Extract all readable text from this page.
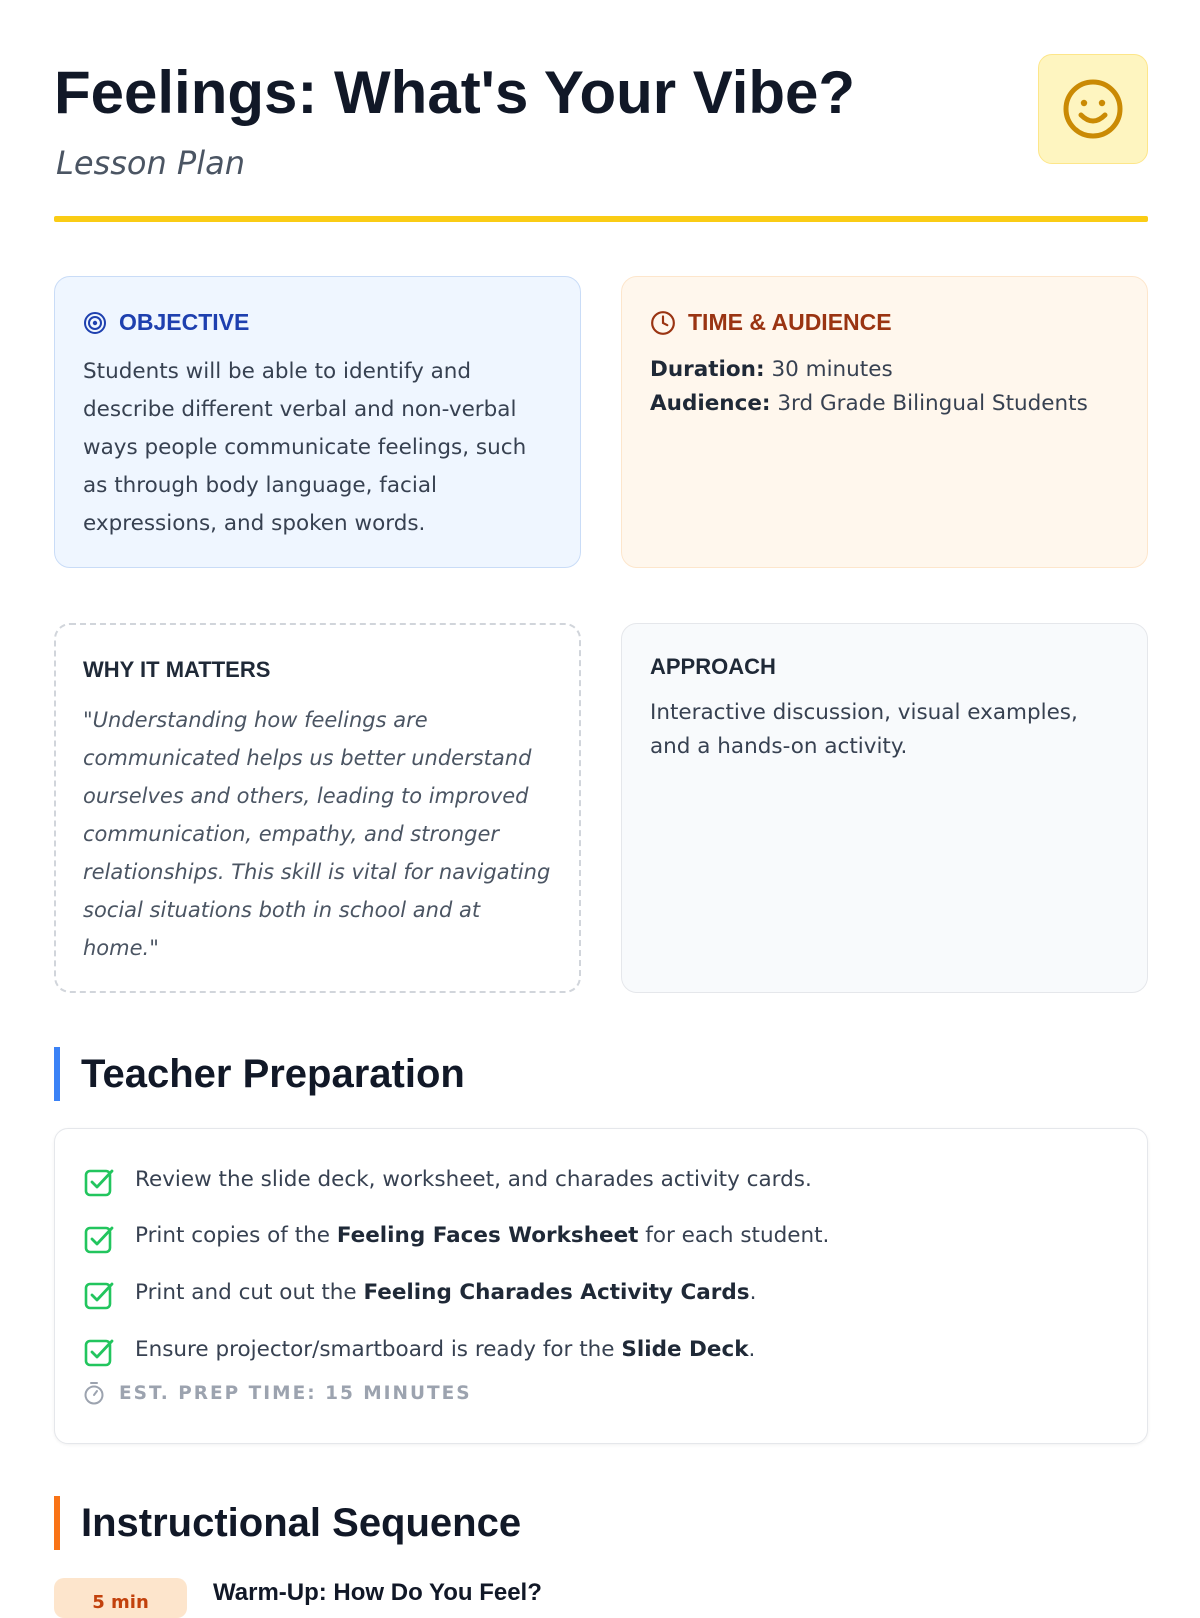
Feelings: What's Your Vibe?
Lesson Plan
OBJECTIVE

Students will be able to identify and describe different verbal and non-verbal ways people communicate feelings, such as through body language, facial expressions, and spoken words.

TIME & AUDIENCE
Duration: 30 minutes
Audience: 3rd Grade Bilingual Students
WHY IT MATTERS

"Understanding how feelings are communicated helps us better understand ourselves and others, leading to improved communication, empathy, and stronger relationships. This skill is vital for navigating social situations both in school and at home."

APPROACH

Interactive discussion, visual examples, and a hands-on activity.

Teacher Preparation
Review the slide deck, worksheet, and charades activity cards.
Print copies of the Feeling Faces Worksheet for each student.
Print and cut out the Feeling Charades Activity Cards.
Ensure projector/smartboard is ready for the Slide Deck.
EST. PREP TIME: 15 MINUTES
Instructional Sequence
5 min	Warm-Up: How Do You Feel?
